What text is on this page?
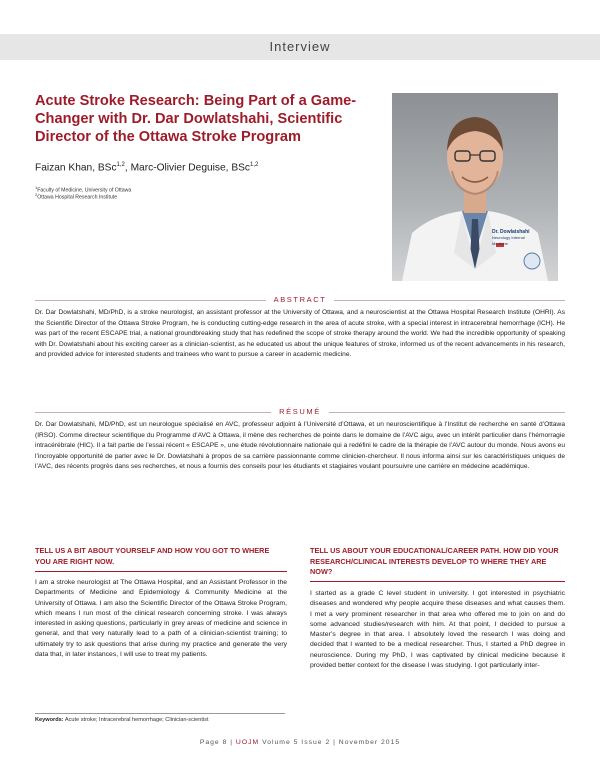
Interview
Acute Stroke Research: Being Part of a Game-Changer with Dr. Dar Dowlatshahi, Scientific Director of the Ottawa Stroke Program

Faizan Khan, BSc$^{1,2}$, Marc-Olivier Deguise, BSc$^{1,2}$

$^1$Faculty of Medicine, University of Ottawa

$^2$Ottawa Hospital Research Institute

Dr. Dowlatshahi
Neurology Internal Medicine

ABSTRACT

Dr. Dar Dowlatshahi, MD/PhD, is a stroke neurologist, an assistant professor at the University of Ottawa, and a neuroscientist at the Ottawa Hospital Research Institute (OHRI). As the Scientific Director of the Ottawa Stroke Program, he is conducting cutting-edge research in the area of acute stroke, with a special interest in intracerebral hemorrhage (ICH). He was part of the recent ESCAPE trial, a national groundbreaking study that has redefined the scope of stroke therapy around the world. We had the incredible opportunity of speaking with Dr. Dowlatshahi about his exciting career as a clinician-scientist, as he educated us about the unique features of stroke, informed us of the recent advancements in his research, and provided advice for interested students and trainees who want to pursue a career in academic medicine.

RÉSUMÉ

Dr. Dar Dowlatshahi, MD/PhD, est un neurologue spécialisé en AVC, professeur adjoint à l’Université d’Ottawa, et un neuroscientifique à l’Institut de recherche en santé d’Ottawa (IRSO). Comme directeur scientifique du Programme d’AVC à Ottawa, il mène des recherches de pointe dans le domaine de l’AVC aigu, avec un intérêt particulier dans l’hémorragie intracérébrale (HIC). Il a fait partie de l’essai récent « ESCAPE », une étude révolutionnaire nationale qui a redéfini le cadre de la thérapie de l’AVC autour du monde. Nous avons eu l’incroyable opportunité de parler avec le Dr. Dowlatshahi à propos de sa carrière passionnante comme clinicien-chercheur. Il nous informa ainsi sur les caractéristiques uniques de l’AVC, des récents progrès dans ses recherches, et nous a fournis des conseils pour les étudiants et stagiaires voulant poursuivre une carrière en médecine académique.

TELL US A BIT ABOUT YOURSELF AND HOW YOU GOT TO WHERE YOU ARE RIGHT NOW.

I am a stroke neurologist at The Ottawa Hospital, and an Assistant Professor in the Departments of Medicine and Epidemiology & Community Medicine at the University of Ottawa. I am also the Scientific Director of the Ottawa Stroke Program, which means I run most of the clinical research concerning stroke. I was always interested in asking questions, particularly in grey areas of medicine and science in general, and that very naturally lead to a path of a clinician-scientist training; to ultimately try to ask questions that arise during my practice and generate the very data that, in later instances, I will use to treat my patients.

TELL US ABOUT YOUR EDUCATIONAL/CAREER PATH. HOW DID YOUR RESEARCH/CLINICAL INTERESTS DEVELOP TO WHERE THEY ARE NOW?

I started as a grade C level student in university. I got interested in psychiatric diseases and wondered why people acquire these diseases and what causes them. I met a very prominent researcher in that area who offered me to join on and do some advanced studies/research with him. At that point, I decided to pursue a Master’s degree in that area. I absolutely loved the research I was doing and decided that I wanted to be a medical researcher. Thus, I started a PhD degree in neuroscience. During my PhD, I was captivated by clinical medicine because it provided better context for the disease I was studying. I got particularly inter-

Keywords: Acute stroke; Intracerebral hemorrhage; Clinician-scientist

Page 8 | UOJM Volume 5 Issue 2 | November 2015
